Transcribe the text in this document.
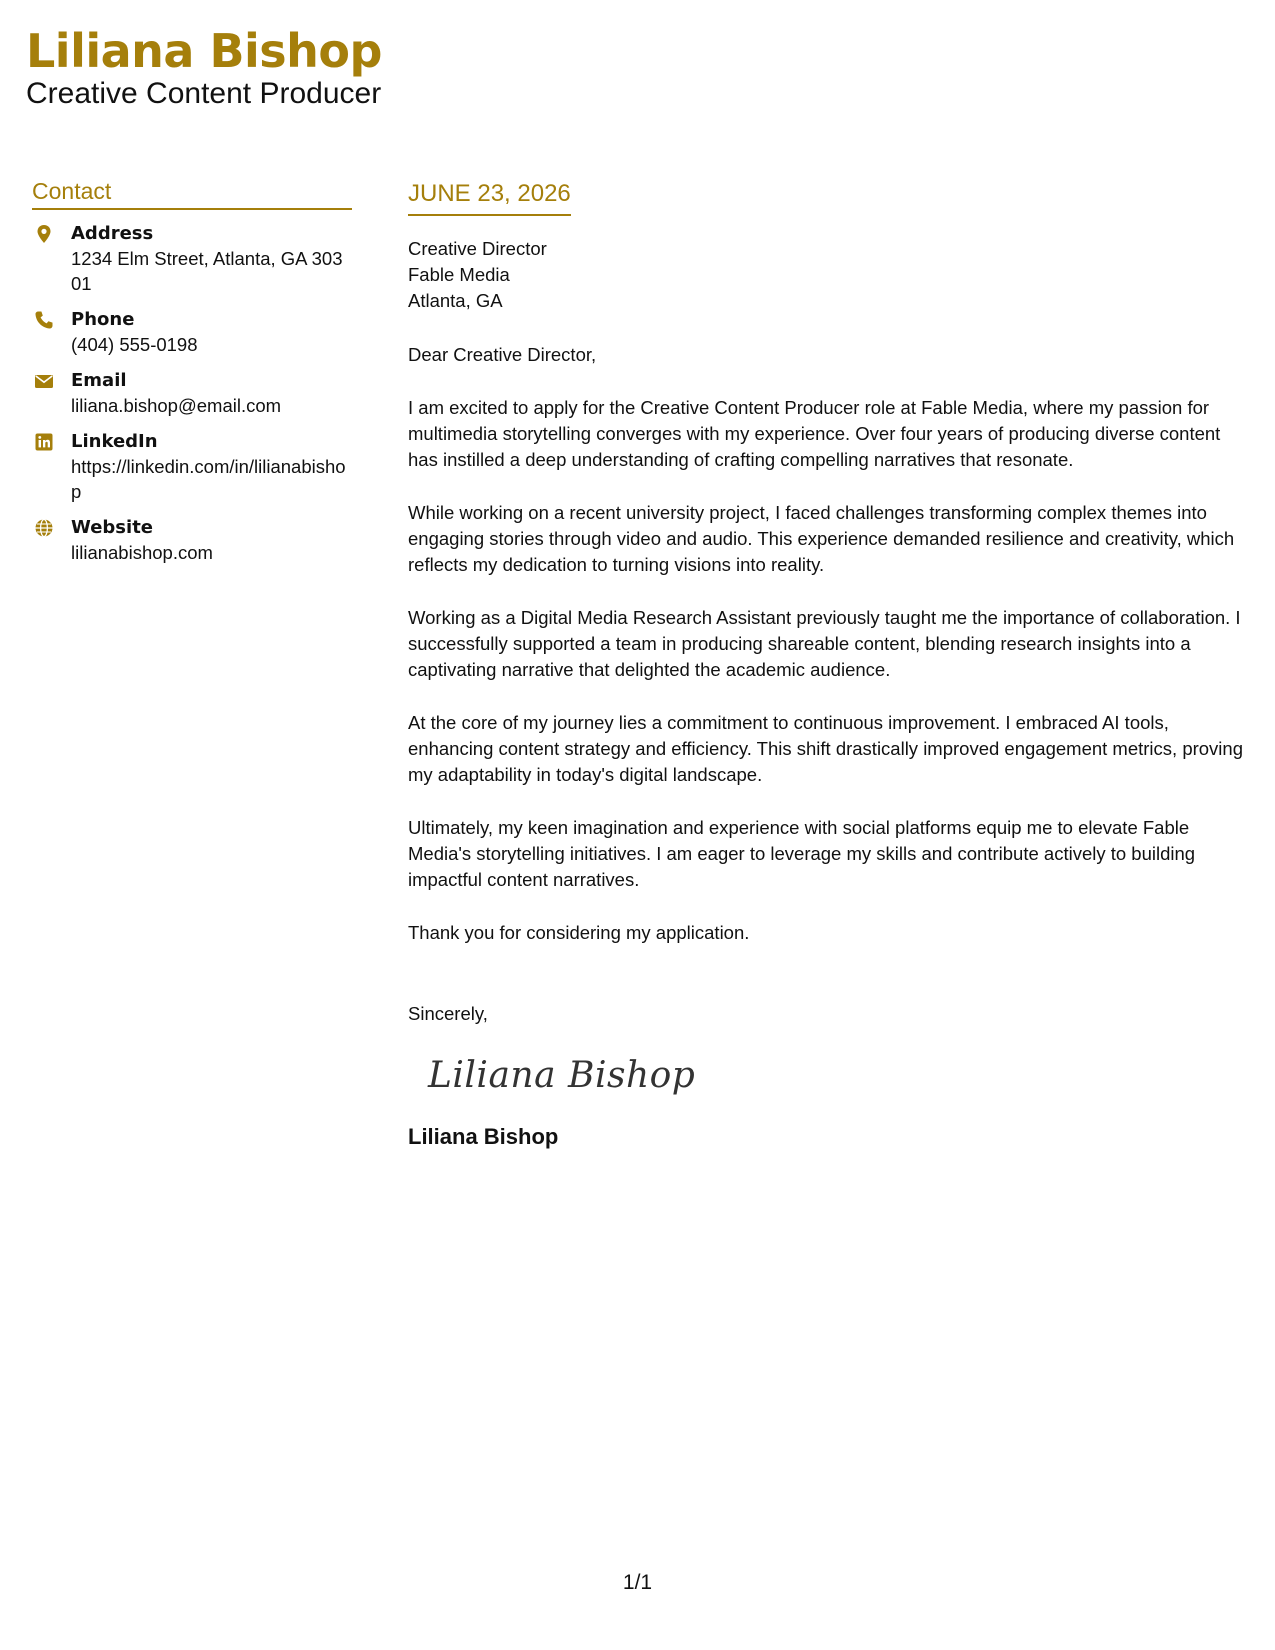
Liliana Bishop
Creative Content Producer
Contact
Address
1234 Elm Street, Atlanta, GA 30301
Phone
(404) 555-0198
Email
liliana.bishop@email.com
LinkedIn
https://linkedin.com/in/lilianabishop
Website
lilianabishop.com
JUNE 23, 2026
Creative Director
Fable Media
Atlanta, GA
Dear Creative Director,
I am excited to apply for the Creative Content Producer role at Fable Media, where my passion for multimedia storytelling converges with my experience. Over four years of producing diverse content has instilled a deep understanding of crafting compelling narratives that resonate.
While working on a recent university project, I faced challenges transforming complex themes into engaging stories through video and audio. This experience demanded resilience and creativity, which reflects my dedication to turning visions into reality.
Working as a Digital Media Research Assistant previously taught me the importance of collaboration. I successfully supported a team in producing shareable content, blending research insights into a captivating narrative that delighted the academic audience.
At the core of my journey lies a commitment to continuous improvement. I embraced AI tools, enhancing content strategy and efficiency. This shift drastically improved engagement metrics, proving my adaptability in today's digital landscape.
Ultimately, my keen imagination and experience with social platforms equip me to elevate Fable Media's storytelling initiatives. I am eager to leverage my skills and contribute actively to building impactful content narratives.
Thank you for considering my application.
Sincerely,
Liliana Bishop
Liliana Bishop
1/1
